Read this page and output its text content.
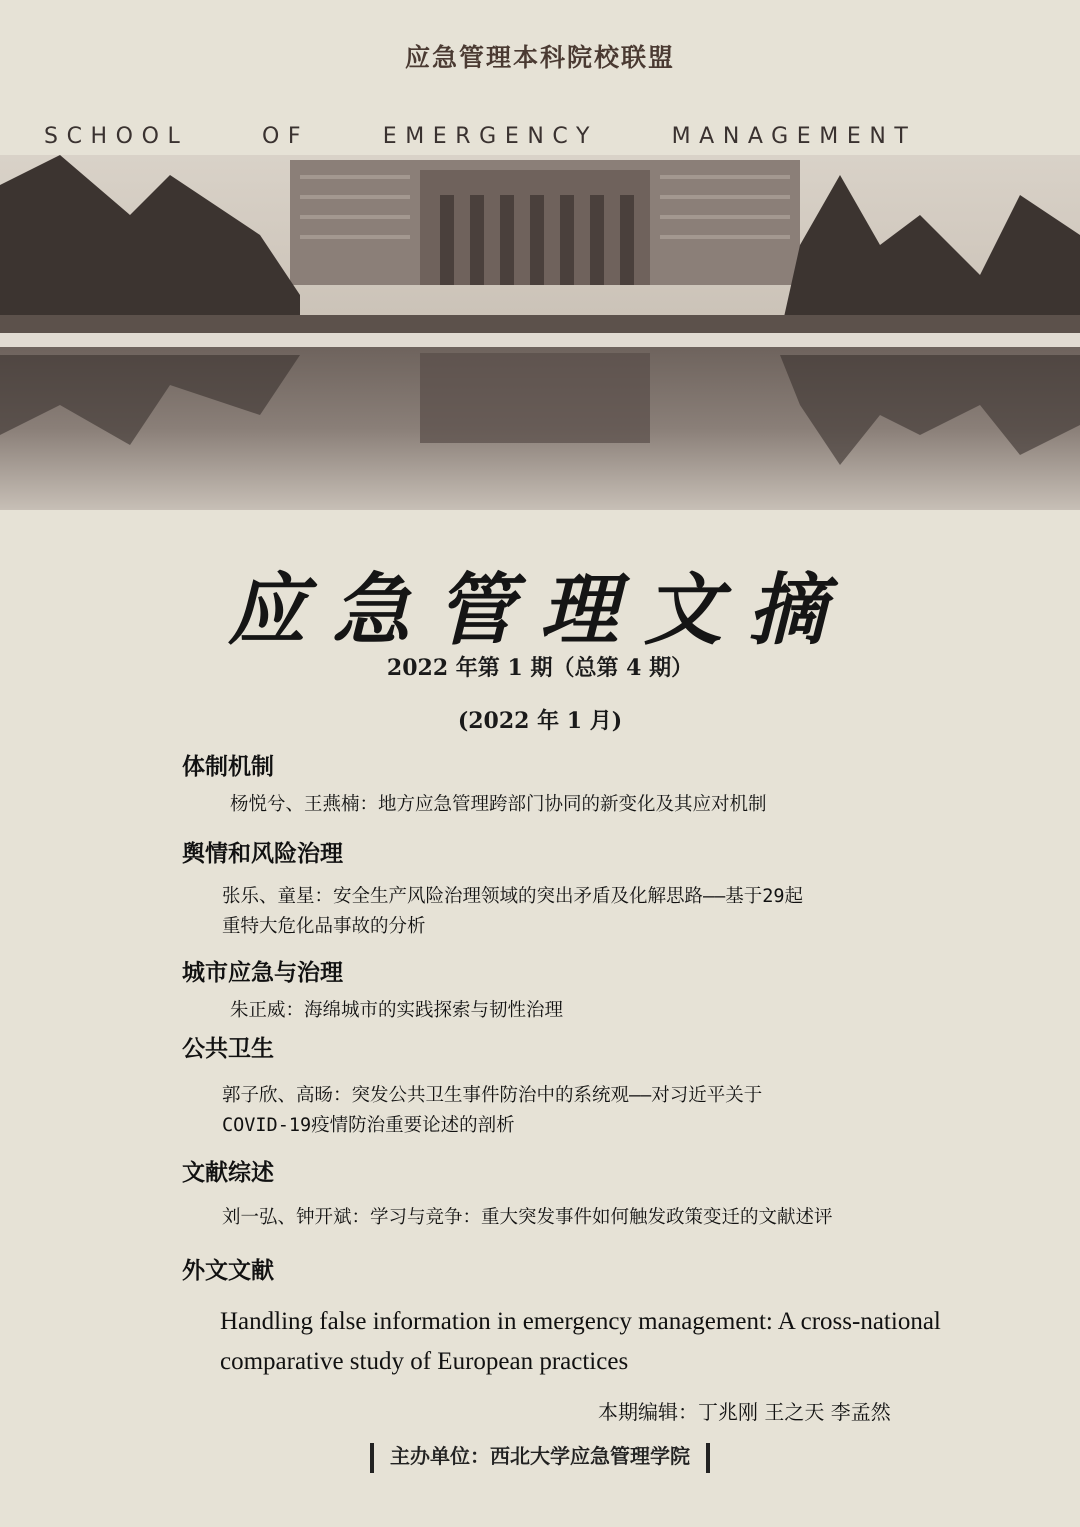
应急管理本科院校联盟
SCHOOL OF EMERGENCY MANAGEMENT
应急管理文摘
2022 年第 1 期（总第 4 期）
(2022 年 1 月)
体制机制
杨悦兮、王燕楠：地方应急管理跨部门协同的新变化及其应对机制
舆情和风险治理
张乐、童星：安全生产风险治理领域的突出矛盾及化解思路——基于29起
重特大危化品事故的分析
城市应急与治理
朱正威：海绵城市的实践探索与韧性治理
公共卫生
郭子欣、高旸：突发公共卫生事件防治中的系统观——对习近平关于
COVID-19疫情防治重要论述的剖析
文献综述
刘一弘、钟开斌：学习与竞争：重大突发事件如何触发政策变迁的文献述评
外文文献
Handling false information in emergency management: A cross-national
comparative study of European practices
本期编辑：丁兆刚 王之天 李孟然
主办单位：西北大学应急管理学院
